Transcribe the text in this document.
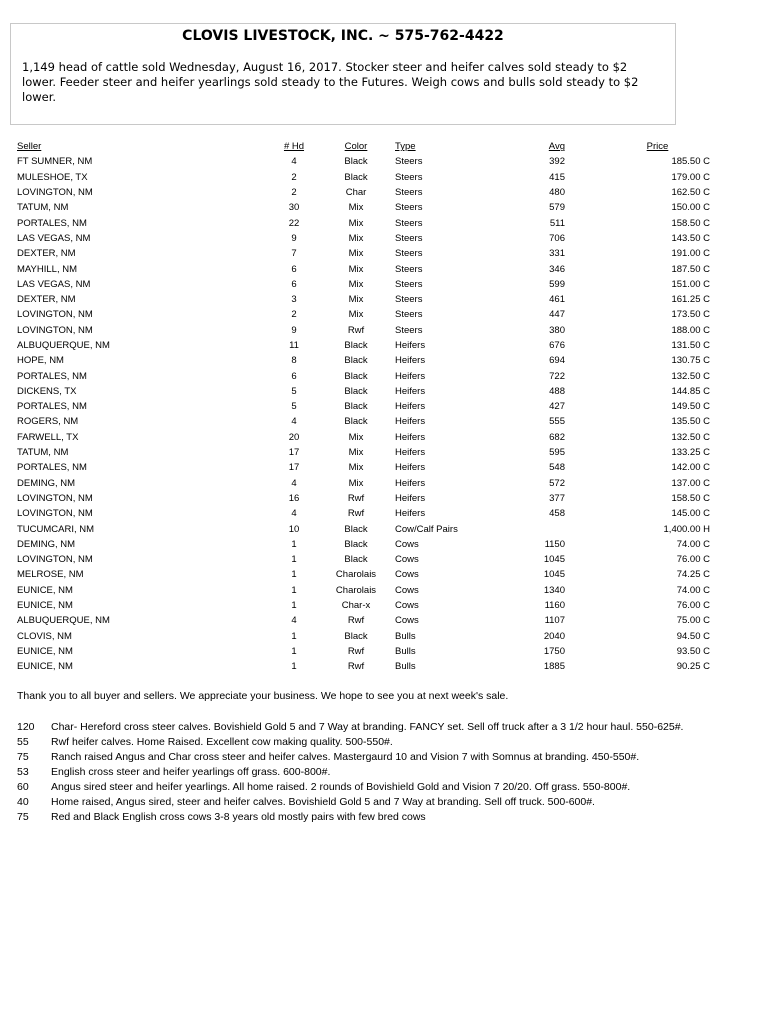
CLOVIS LIVESTOCK, INC. ~ 575-762-4422
1,149 head of cattle sold Wednesday, August 16, 2017. Stocker steer and heifer calves sold steady to $2 lower. Feeder steer and heifer yearlings sold steady to the Futures. Weigh cows and bulls sold steady to $2 lower.
Seller	# Hd	Color	Type	Avg	Price
FT SUMNER, NM	4	Black	Steers	392	185.50 C
MULESHOE, TX	2	Black	Steers	415	179.00 C
LOVINGTON, NM	2	Char	Steers	480	162.50 C
TATUM, NM	30	Mix	Steers	579	150.00 C
PORTALES, NM	22	Mix	Steers	511	158.50 C
LAS VEGAS, NM	9	Mix	Steers	706	143.50 C
DEXTER, NM	7	Mix	Steers	331	191.00 C
MAYHILL, NM	6	Mix	Steers	346	187.50 C
LAS VEGAS, NM	6	Mix	Steers	599	151.00 C
DEXTER, NM	3	Mix	Steers	461	161.25 C
LOVINGTON, NM	2	Mix	Steers	447	173.50 C
LOVINGTON, NM	9	Rwf	Steers	380	188.00 C
ALBUQUERQUE, NM	11	Black	Heifers	676	131.50 C
HOPE, NM	8	Black	Heifers	694	130.75 C
PORTALES, NM	6	Black	Heifers	722	132.50 C
DICKENS, TX	5	Black	Heifers	488	144.85 C
PORTALES, NM	5	Black	Heifers	427	149.50 C
ROGERS, NM	4	Black	Heifers	555	135.50 C
FARWELL, TX	20	Mix	Heifers	682	132.50 C
TATUM, NM	17	Mix	Heifers	595	133.25 C
PORTALES, NM	17	Mix	Heifers	548	142.00 C
DEMING, NM	4	Mix	Heifers	572	137.00 C
LOVINGTON, NM	16	Rwf	Heifers	377	158.50 C
LOVINGTON, NM	4	Rwf	Heifers	458	145.00 C
TUCUMCARI, NM	10	Black	Cow/Calf Pairs		1,400.00 H
DEMING, NM	1	Black	Cows	1150	74.00 C
LOVINGTON, NM	1	Black	Cows	1045	76.00 C
MELROSE, NM	1	Charolais	Cows	1045	74.25 C
EUNICE, NM	1	Charolais	Cows	1340	74.00 C
EUNICE, NM	1	Char-x	Cows	1160	76.00 C
ALBUQUERQUE, NM	4	Rwf	Cows	1107	75.00 C
CLOVIS, NM	1	Black	Bulls	2040	94.50 C
EUNICE, NM	1	Rwf	Bulls	1750	93.50 C
EUNICE, NM	1	Rwf	Bulls	1885	90.25 C
Thank you to all buyer and sellers. We appreciate your business. We hope to see you at next week's sale.
120	Char- Hereford cross steer calves. Bovishield Gold 5 and 7 Way at branding. FANCY set. Sell off truck after a 3 1/2 hour haul. 550-625#.
55	Rwf heifer calves. Home Raised. Excellent cow making quality. 500-550#.
75	Ranch raised Angus and Char cross steer and heifer calves. Mastergaurd 10 and Vision 7 with Somnus at branding. 450-550#.
53	English cross steer and heifer yearlings off grass. 600-800#.
60	Angus sired steer and heifer yearlings. All home raised. 2 rounds of Bovishield Gold and Vision 7 20/20. Off grass. 550-800#.
40	Home raised, Angus sired, steer and heifer calves. Bovishield Gold 5 and 7 Way at branding. Sell off truck. 500-600#.
75	Red and Black English cross cows 3-8 years old mostly pairs with few bred cows
